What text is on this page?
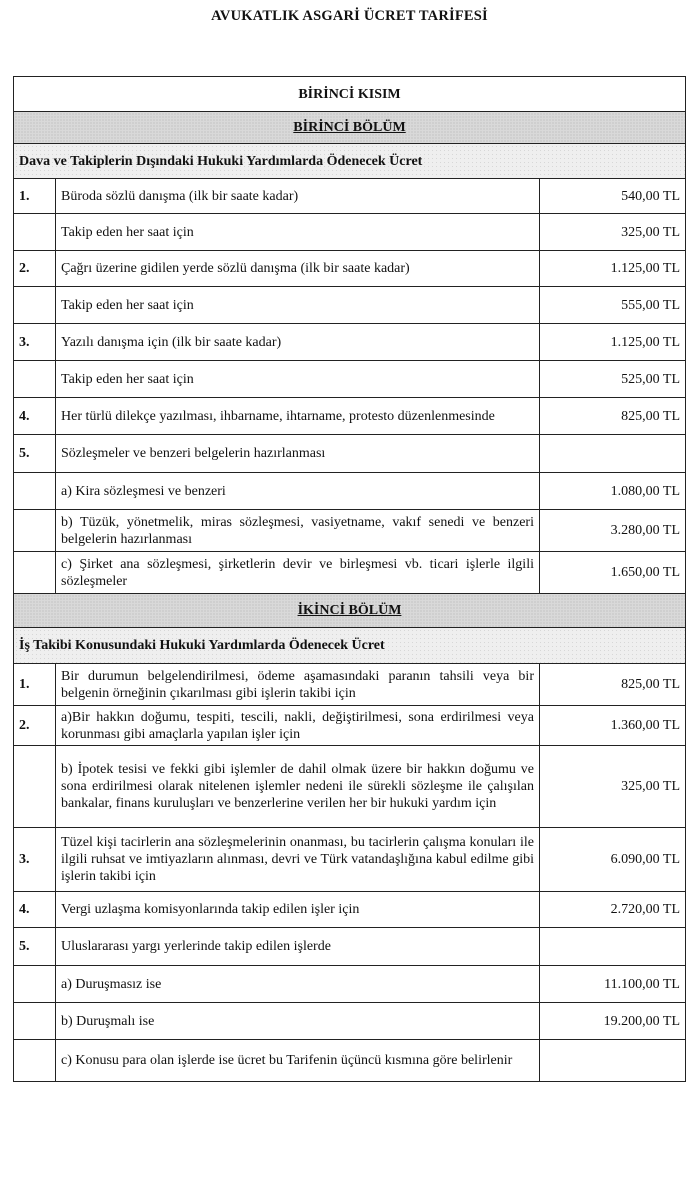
AVUKATLIK ASGARİ ÜCRET TARİFESİ
BİRİNCİ KISIM		
BİRİNCİ BÖLÜM		
Dava ve Takiplerin Dışındaki Hukuki Yardımlarda Ödenecek Ücret		
1.	Büroda sözlü danışma (ilk bir saate kadar)	540,00 TL
	Takip eden her saat için	325,00 TL
2.	Çağrı üzerine gidilen yerde sözlü danışma (ilk bir saate kadar)	1.125,00 TL
	Takip eden her saat için	555,00 TL
3.	Yazılı danışma için (ilk bir saate kadar)	1.125,00 TL
	Takip eden her saat için	525,00 TL
4.	Her türlü dilekçe yazılması, ihbarname, ihtarname, protesto düzenlenmesinde	825,00 TL
5.	Sözleşmeler ve benzeri belgelerin hazırlanması	
	a) Kira sözleşmesi ve benzeri	1.080,00 TL
	b) Tüzük, yönetmelik, miras sözleşmesi, vasiyetname, vakıf senedi ve benzeri belgelerin hazırlanması	3.280,00 TL
	c) Şirket ana sözleşmesi, şirketlerin devir ve birleşmesi vb. ticari işlerle ilgili sözleşmeler	1.650,00 TL
İKİNCİ BÖLÜM		
İş Takibi Konusundaki Hukuki Yardımlarda Ödenecek Ücret		
1.	Bir durumun belgelendirilmesi, ödeme aşamasındaki paranın tahsili veya bir belgenin örneğinin çıkarılması gibi işlerin takibi için	825,00 TL
2.	a)Bir hakkın doğumu, tespiti, tescili, nakli, değiştirilmesi, sona erdirilmesi veya korunması gibi amaçlarla yapılan işler için	1.360,00 TL
	b) İpotek tesisi ve fekki gibi işlemler de dahil olmak üzere bir hakkın doğumu ve sona erdirilmesi olarak nitelenen işlemler nedeni ile sürekli sözleşme ile çalışılan bankalar, finans kuruluşları ve benzerlerine verilen her bir hukuki yardım için	325,00 TL
3.	Tüzel kişi tacirlerin ana sözleşmelerinin onanması, bu tacirlerin çalışma konuları ile ilgili ruhsat ve imtiyazların alınması, devri ve Türk vatandaşlığına kabul edilme gibi işlerin takibi için	6.090,00 TL
4.	Vergi uzlaşma komisyonlarında takip edilen işler için	2.720,00 TL
5.	Uluslararası yargı yerlerinde takip edilen işlerde	
	a) Duruşmasız ise	11.100,00 TL
	b) Duruşmalı ise	19.200,00 TL
	c) Konusu para olan işlerde ise ücret bu Tarifenin üçüncü kısmına göre belirlenir	
